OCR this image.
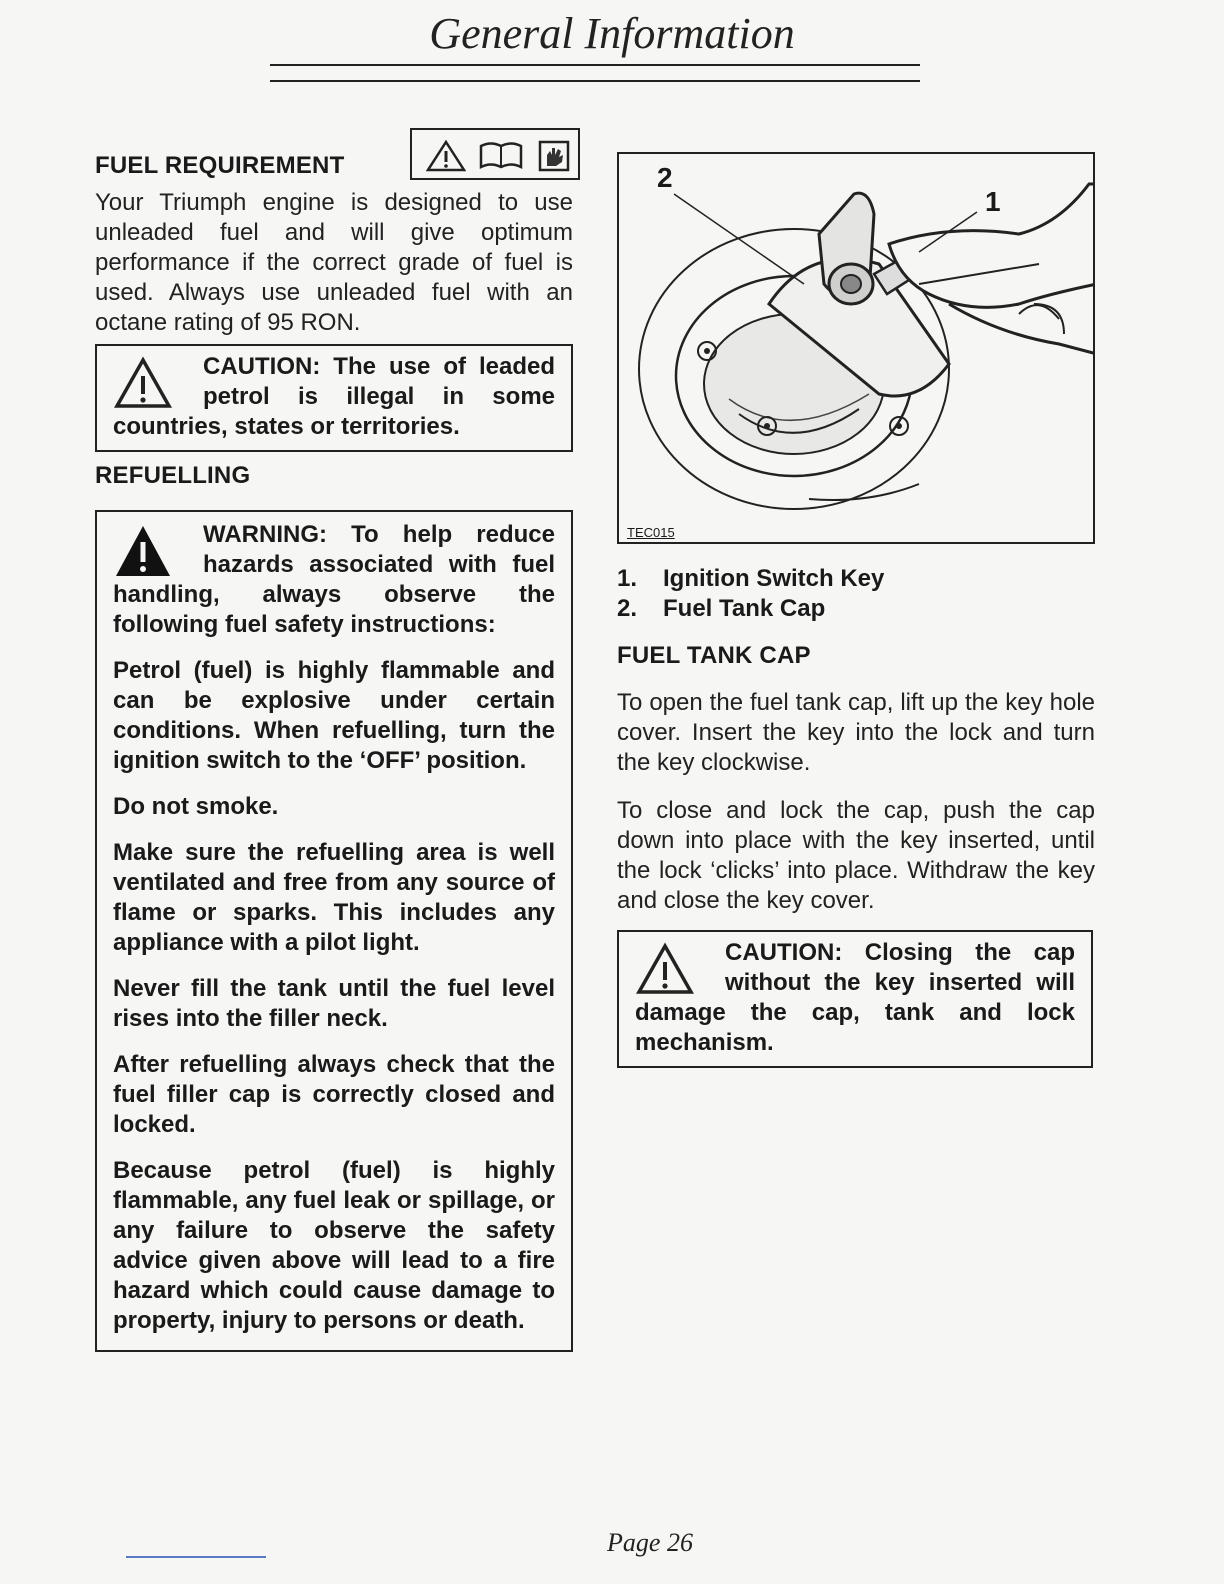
General Information
FUEL REQUIREMENT

Your Triumph engine is designed to use unleaded fuel and will give optimum performance if the correct grade of fuel is used. Always use unleaded fuel with an octane rating of 95 RON.

CAUTION: The use of leaded petrol is illegal in some countries, states or territories.

REFUELLING

WARNING: To help reduce hazards associated with fuel handling, always observe the following fuel safety instructions:

Petrol (fuel) is highly flammable and can be explosive under certain conditions. When refuelling, turn the ignition switch to the ‘OFF’ position.

Do not smoke.

Make sure the refuelling area is well ventilated and free from any source of flame or sparks. This includes any appliance with a pilot light.

Never fill the tank until the fuel level rises into the filler neck.

After refuelling always check that the fuel filler cap is correctly closed and locked.

Because petrol (fuel) is highly flammable, any fuel leak or spillage, or any failure to observe the safety advice given above will lead to a fire hazard which could cause damage to property, injury to persons or death.

2
1
TEC015
1. Ignition Switch Key
2. Fuel Tank Cap
FUEL TANK CAP

To open the fuel tank cap, lift up the key hole cover. Insert the key into the lock and turn the key clockwise.

To close and lock the cap, push the cap down into place with the key inserted, until the lock ‘clicks’ into place. Withdraw the key and close the key cover.

CAUTION: Closing the cap without the key inserted will damage the cap, tank and lock mechanism.

Page 26
